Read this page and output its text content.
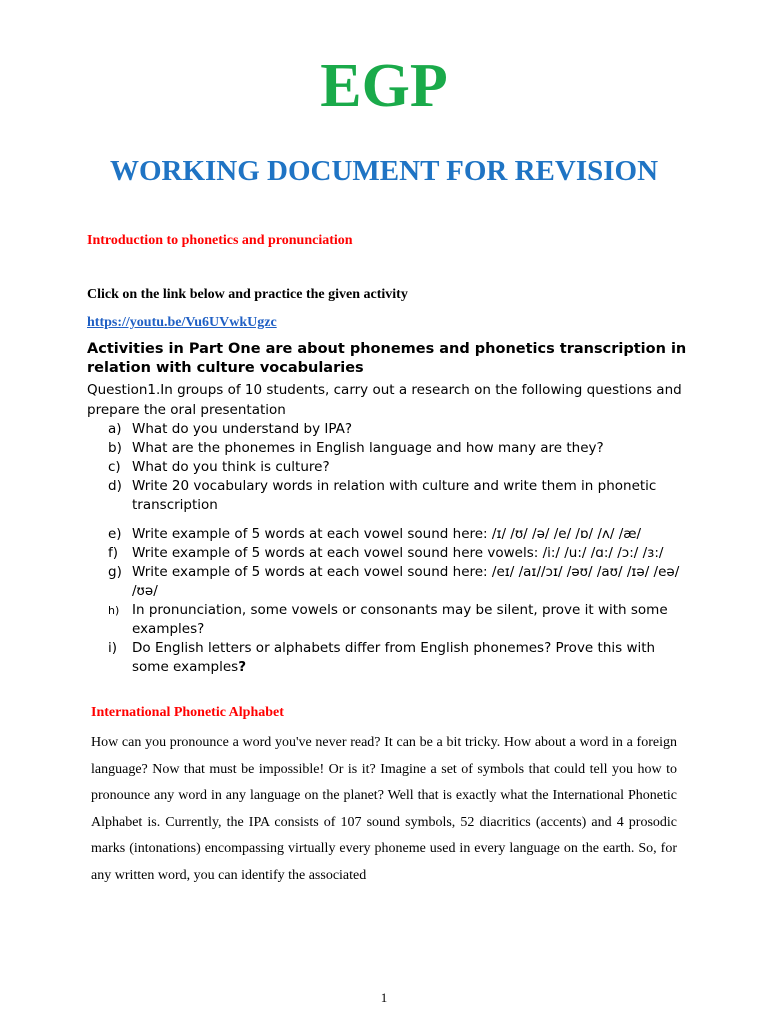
EGP
WORKING DOCUMENT FOR REVISION
Introduction to phonetics and pronunciation
Click on the link below and practice the given activity
https://youtu.be/Vu6UVwkUgzc
Activities in Part One are about phonemes and phonetics transcription in relation with culture vocabularies
Question1.In groups of 10 students, carry out a research on the following questions and prepare the oral presentation
a) What do you understand by IPA?
b) What are the phonemes in English language and how many are they?
c) What do you think is culture?
d) Write 20 vocabulary words in relation with culture and write them in phonetic transcription
e) Write example of 5 words at each vowel sound here: /ɪ/ /ʊ/ /ə/ /e/ /ɒ/ /ʌ/ /æ/
f) Write example of 5 words at each vowel sound here vowels: /i:/ /u:/ /ɑ:/ /ɔ:/ /ɜ:/
g) Write example of 5 words at each vowel sound here: /eɪ/ /aɪ//ɔɪ/ /əʊ/ /aʊ/ /ɪə/ /eə/ /ʊə/
h) In pronunciation, some vowels or consonants may be silent, prove it with some examples?
i) Do English letters or alphabets differ from English phonemes? Prove this with some examples?
International Phonetic Alphabet

How can you pronounce a word you've never read? It can be a bit tricky. How about a word in a foreign language? Now that must be impossible! Or is it? Imagine a set of symbols that could tell you how to pronounce any word in any language on the planet? Well that is exactly what the International Phonetic Alphabet is. Currently, the IPA consists of 107 sound symbols, 52 diacritics (accents) and 4 prosodic marks (intonations) encompassing virtually every phoneme used in every language on the earth. So, for any written word, you can identify the associated

1
